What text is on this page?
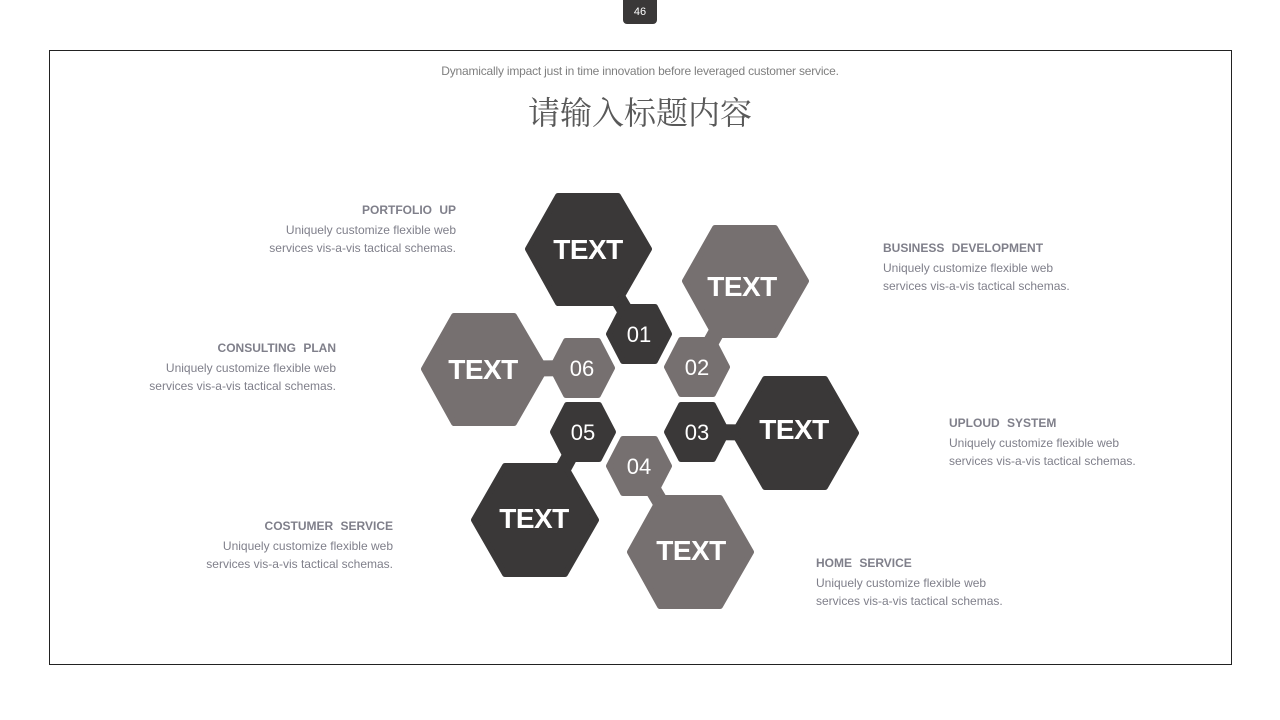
46
Dynamically impact just in time innovation before leveraged customer service.
请输入标题内容
TEXT
TEXT
TEXT
TEXT
TEXT
TEXT
01
02
03
04
05
06
PORTFOLIO UP
Uniquely customize flexible web
services vis-a-vis tactical schemas.	BUSINESS DEVELOPMENT
Uniquely customize flexible web
services vis-a-vis tactical schemas.
UPLOUD SYSTEM
Uniquely customize flexible web
services vis-a-vis tactical schemas.
HOME SERVICE
Uniquely customize flexible web
services vis-a-vis tactical schemas.
COSTUMER SERVICE
Uniquely customize flexible web
services vis-a-vis tactical schemas.
CONSULTING PLAN
Uniquely customize flexible web
services vis-a-vis tactical schemas.
